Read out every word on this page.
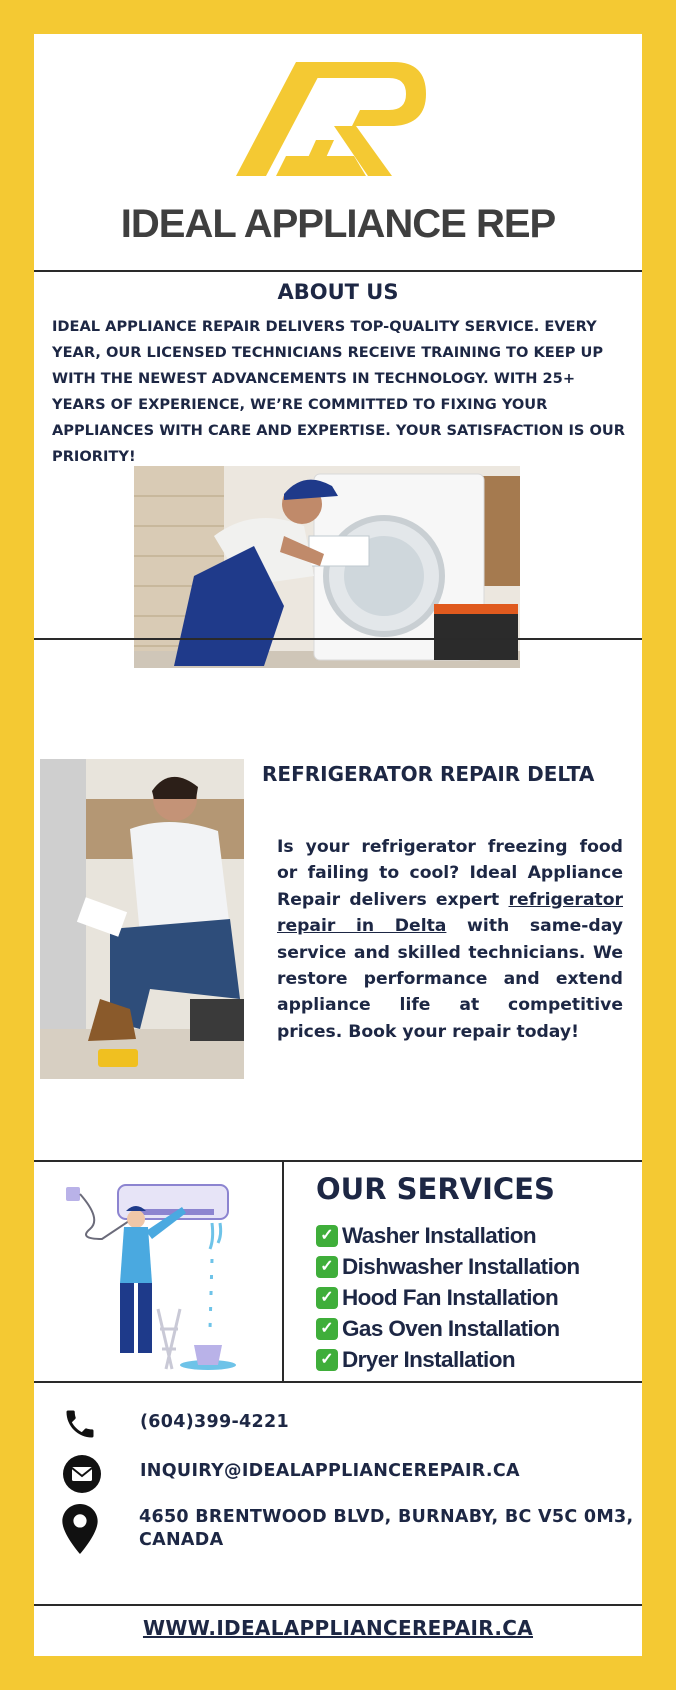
IDEAL APPLIANCE REP
ABOUT US
IDEAL APPLIANCE REPAIR DELIVERS TOP-QUALITY SERVICE. EVERY YEAR, OUR LICENSED TECHNICIANS RECEIVE TRAINING TO KEEP UP WITH THE NEWEST ADVANCEMENTS IN TECHNOLOGY. WITH 25+ YEARS OF EXPERIENCE, WE’RE COMMITTED TO FIXING YOUR APPLIANCES WITH CARE AND EXPERTISE. YOUR SATISFACTION IS OUR PRIORITY!
REFRIGERATOR REPAIR DELTA
Is your refrigerator freezing food or failing to cool? Ideal Appliance Repair delivers expert refrigerator repair in Delta with same-day service and skilled technicians. We restore performance and extend appliance life at competitive prices. Book your repair today!
OUR SERVICES
✓ Washer Installation
✓ Dishwasher Installation
✓ Hood Fan Installation
✓ Gas Oven Installation
✓ Dryer Installation
(604)399-4221
INQUIRY@IDEALAPPLIANCEREPAIR.CA
4650 BRENTWOOD BLVD, BURNABY, BC V5C 0M3, CANADA
WWW.IDEALAPPLIANCEREPAIR.CA
